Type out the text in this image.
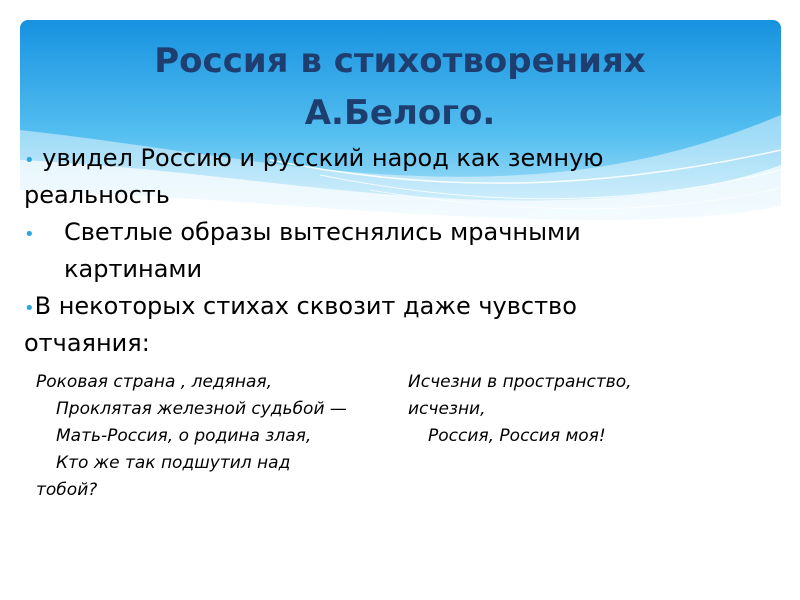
Россия в стихотворениях
А.Белого.
• увидел Россию и русский народ как земную
реальность
• Светлые образы вытеснялись мрачными
картинами
•В некоторых стихах сквозит даже чувство
отчаяния:
Роковая страна , ледяная,
Проклятая железной судьбой —
Мать-Россия, о родина злая,
Кто же так подшутил над
тобой?
Исчезни в пространство,
исчезни,
Россия, Россия моя!
